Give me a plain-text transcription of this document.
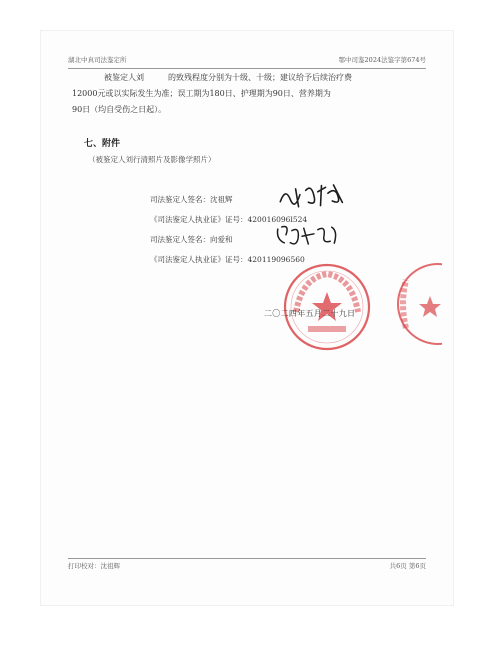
湖北中真司法鉴定所	鄂中司鉴2024法鉴字第674号
　　被鉴定人刘	的致残程度分别为十级、十级；建议给予后续治疗费
12000元或以实际发生为准；误工期为180日、护理期为90日、营养期为
90日（均自受伤之日起）。
七、附件
（被鉴定人刘行清照片及影像学照片）
司法鉴定人签名：沈祖辉
《司法鉴定人执业证》证号：420016096l524
司法鉴定人签名：向爱和
《司法鉴定人执业证》证号：420119096560
二〇二四年五月二十九日
打印校对：沈祖辉	共6页 第6页
